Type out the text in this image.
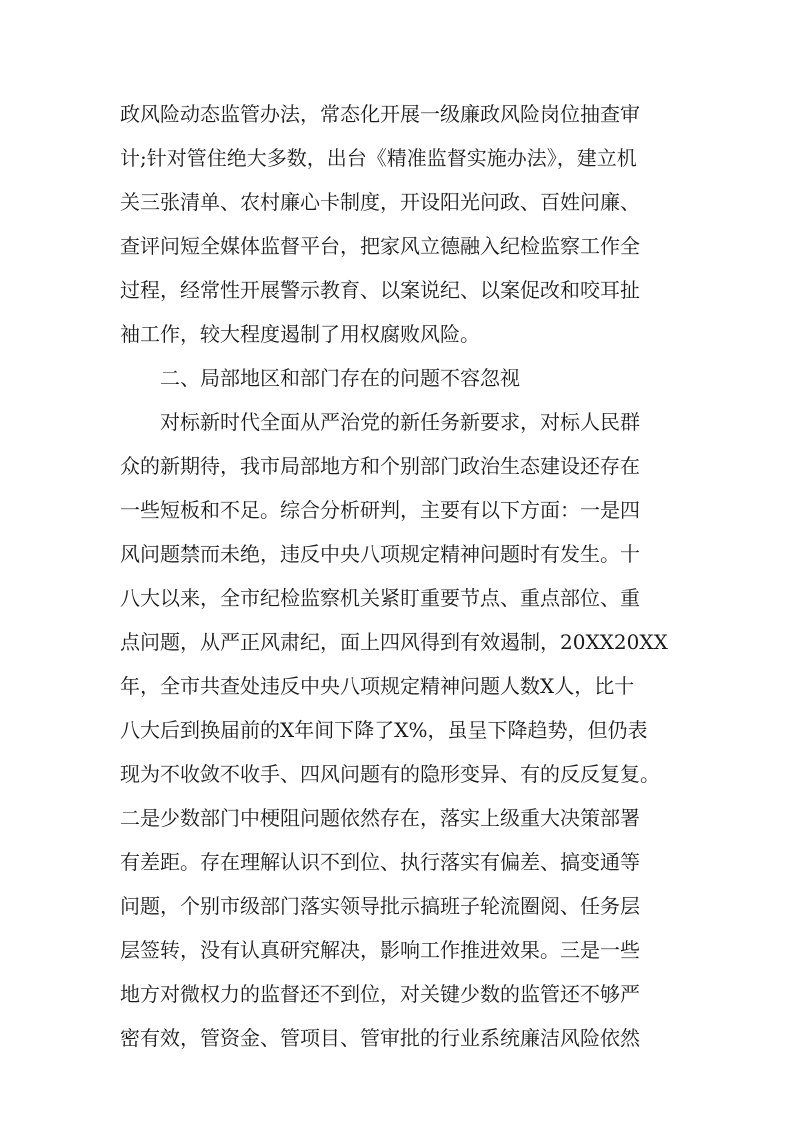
政风险动态监管办法，常态化开展一级廉政风险岗位抽查审
计;针对管住绝大多数，出台《精准监督实施办法》，建立机
关三张清单、农村廉心卡制度，开设阳光问政、百姓问廉、
查评问短全媒体监督平台，把家风立德融入纪检监察工作全
过程，经常性开展警示教育、以案说纪、以案促改和咬耳扯
袖工作，较大程度遏制了用权腐败风险。
二、局部地区和部门存在的问题不容忽视
对标新时代全面从严治党的新任务新要求，对标人民群
众的新期待，我市局部地方和个别部门政治生态建设还存在
一些短板和不足。综合分析研判，主要有以下方面：一是四
风问题禁而未绝，违反中央八项规定精神问题时有发生。十
八大以来，全市纪检监察机关紧盯重要节点、重点部位、重
点问题，从严正风肃纪，面上四风得到有效遏制，20XX20XX
年，全市共查处违反中央八项规定精神问题人数X人，比十
八大后到换届前的X年间下降了X%，虽呈下降趋势，但仍表
现为不收敛不收手、四风问题有的隐形变异、有的反反复复。
二是少数部门中梗阻问题依然存在，落实上级重大决策部署
有差距。存在理解认识不到位、执行落实有偏差、搞变通等
问题，个别市级部门落实领导批示搞班子轮流圈阅、任务层
层签转，没有认真研究解决，影响工作推进效果。三是一些
地方对微权力的监督还不到位，对关键少数的监管还不够严
密有效，管资金、管项目、管审批的行业系统廉洁风险依然
